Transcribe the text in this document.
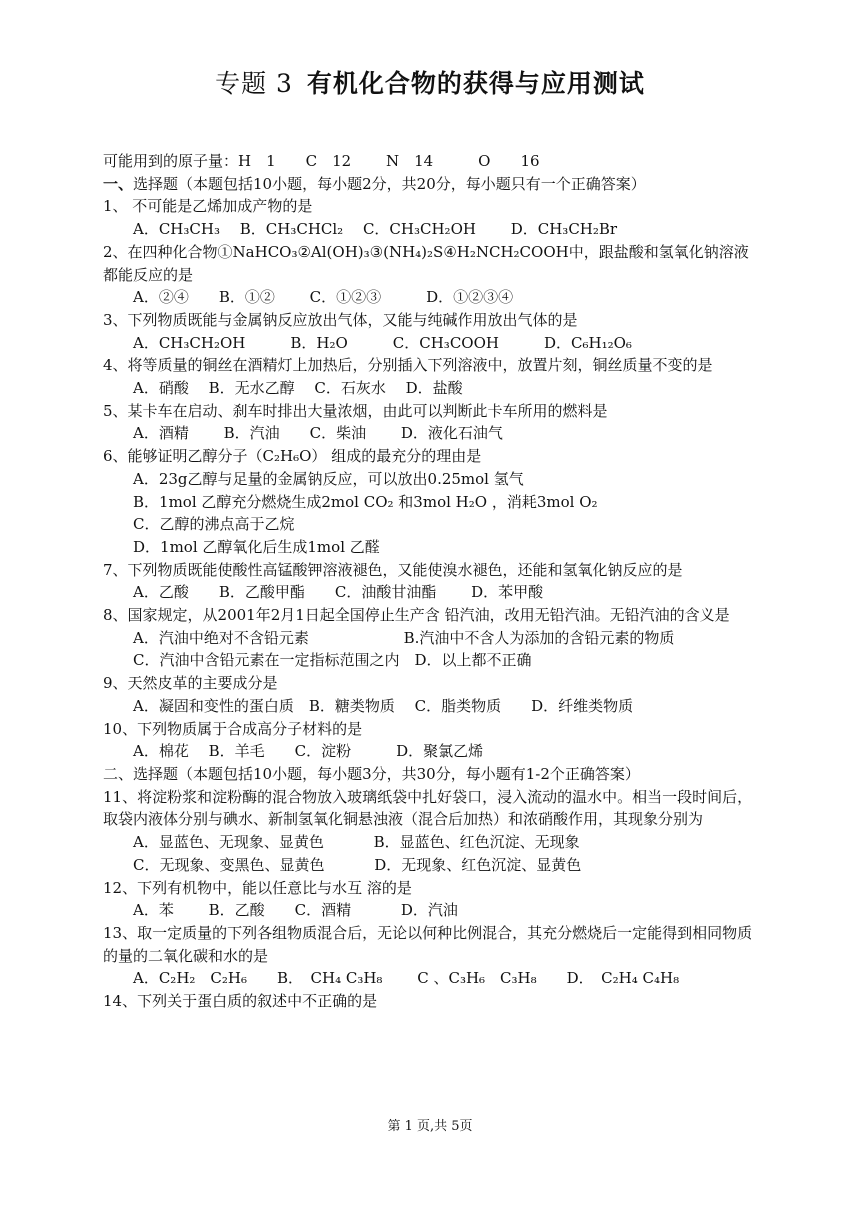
专题 3 有机化合物的获得与应用测试
可能用到的原子量：H　1　　C　12　　 N　14　　　O　　16
一、选择题（本题包括10小题，每小题2分，共20分，每小题只有一个正确答案）
1、 不可能是乙烯加成产物的是
A．CH₃CH₃　 B．CH₃CHCl₂　 C．CH₃CH₂OH　　 D．CH₃CH₂Br
2、在四种化合物①NaHCO₃②Al(OH)₃③(NH₄)₂S④H₂NCH₂COOH中，跟盐酸和氢氧化钠溶液都能反应的是
A．②④　　B．①②　　 C．①②③　　　D．①②③④
3、下列物质既能与金属钠反应放出气体，又能与纯碱作用放出气体的是
A．CH₃CH₂OH　　　B．H₂O　　　C．CH₃COOH　　　D．C₆H₁₂O₆
4、将等质量的铜丝在酒精灯上加热后，分别插入下列溶液中，放置片刻，铜丝质量不变的是
A．硝酸　 B．无水乙醇　 C．石灰水　 D．盐酸
5、某卡车在启动、刹车时排出大量浓烟，由此可以判断此卡车所用的燃料是
A．酒精　　 B．汽油　　C．柴油　　 D．液化石油气
6、能够证明乙醇分子（C₂H₆O） 组成的最充分的理由是
A．23g乙醇与足量的金属钠反应，可以放出0.25mol 氢气
B．1mol 乙醇充分燃烧生成2mol CO₂ 和3mol H₂O ，消耗3mol O₂
C．乙醇的沸点高于乙烷
D．1mol 乙醇氧化后生成1mol 乙醛
7、下列物质既能使酸性高锰酸钾溶液褪色，又能使溴水褪色，还能和氢氧化钠反应的是
A．乙酸　　B．乙酸甲酯　　C．油酸甘油酯　　 D．苯甲酸
8、国家规定，从2001年2月1日起全国停止生产含 铅汽油，改用无铅汽油。无铅汽油的含义是
A．汽油中绝对不含铅元素　　　　　　 B.汽油中不含人为添加的含铅元素的物质
C．汽油中含铅元素在一定指标范围之内　D．以上都不正确
9、天然皮革的主要成分是
A．凝固和变性的蛋白质　B．糖类物质　 C．脂类物质　　D．纤维类物质
10、下列物质属于合成高分子材料的是
A．棉花　 B．羊毛　　C．淀粉　　　D．聚氯乙烯
二、选择题（本题包括10小题，每小题3分，共30分，每小题有1-2个正确答案）
11、将淀粉浆和淀粉酶的混合物放入玻璃纸袋中扎好袋口，浸入流动的温水中。相当一段时间后，取袋内液体分别与碘水、新制氢氧化铜悬浊液（混合后加热）和浓硝酸作用，其现象分别为
A．显蓝色、无现象、显黄色　　　 B．显蓝色、红色沉淀、无现象
C．无现象、变黑色、显黄色　　　 D．无现象、红色沉淀、显黄色
12、下列有机物中，能以任意比与水互 溶的是
A．苯　　 B．乙酸　　C．酒精　　　 D．汽油
13、取一定质量的下列各组物质混合后，无论以何种比例混合，其充分燃烧后一定能得到相同物质的量的二氧化碳和水的是
A．C₂H₂　C₂H₆　　B．　CH₄ C₃H₈　　 C 、C₃H₆　C₃H₈　　D．　C₂H₄ C₄H₈
14、下列关于蛋白质的叙述中不正确的是
第 1 页,共 5页
